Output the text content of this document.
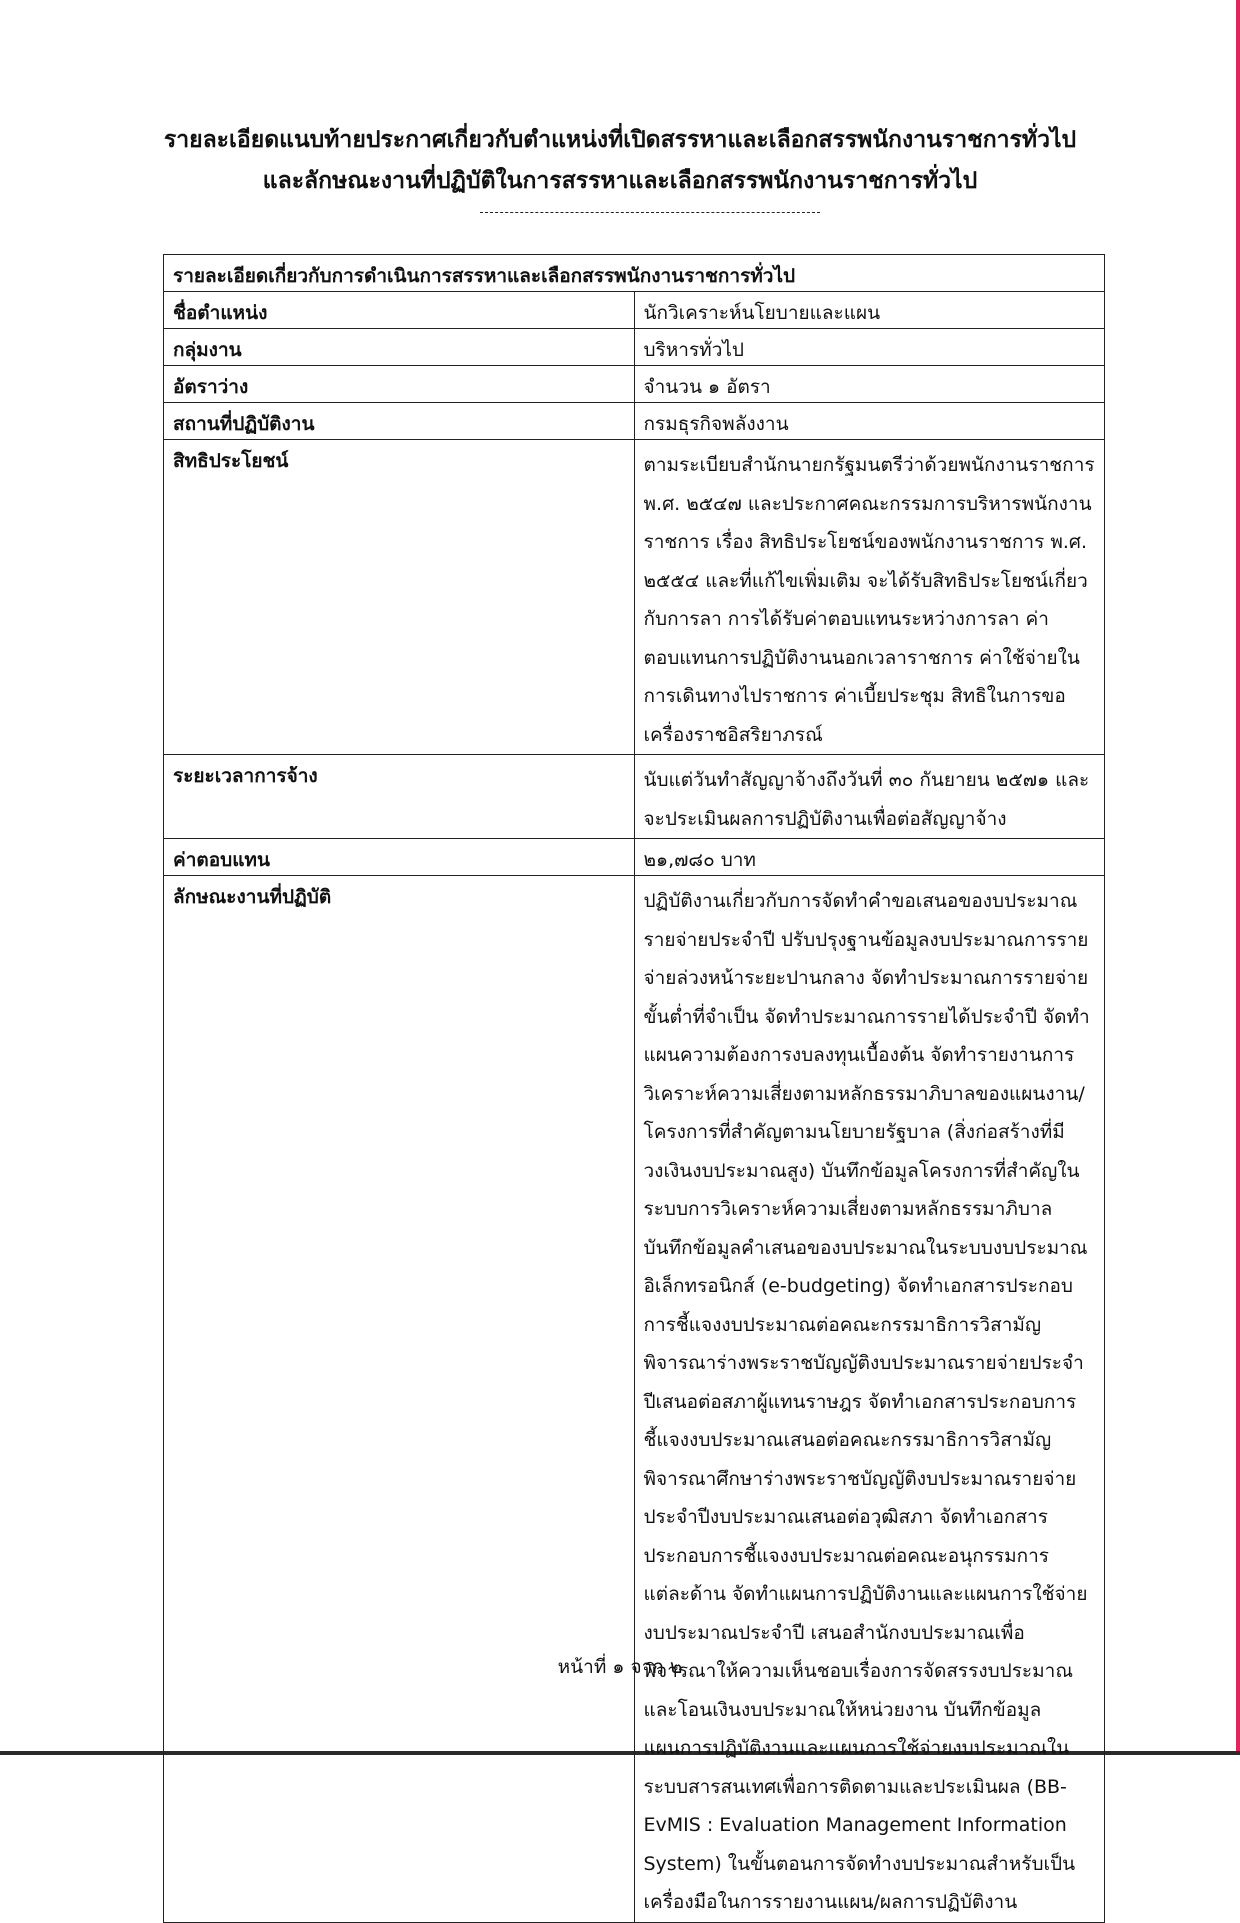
รายละเอียดแนบท้ายประกาศเกี่ยวกับตำแหน่งที่เปิดสรรหาและเลือกสรรพนักงานราชการทั่วไป
และลักษณะงานที่ปฏิบัติในการสรรหาและเลือกสรรพนักงานราชการทั่วไป
รายละเอียดเกี่ยวกับการดำเนินการสรรหาและเลือกสรรพนักงานราชการทั่วไป	
ชื่อตำแหน่ง	นักวิเคราะห์นโยบายและแผน
กลุ่มงาน	บริหารทั่วไป
อัตราว่าง	จำนวน ๑ อัตรา
สถานที่ปฏิบัติงาน	กรมธุรกิจพลังงาน
สิทธิประโยชน์	ตามระเบียบสำนักนายกรัฐมนตรีว่าด้วยพนักงานราชการ พ.ศ. ๒๕๔๗ และประกาศคณะกรรมการบริหารพนักงานราชการ เรื่อง สิทธิประโยชน์ของพนักงานราชการ พ.ศ. ๒๕๕๔ และที่แก้ไขเพิ่มเติม จะได้รับสิทธิประโยชน์เกี่ยวกับการลา การได้รับค่าตอบแทนระหว่างการลา ค่าตอบแทนการปฏิบัติงานนอกเวลาราชการ ค่าใช้จ่ายในการเดินทางไปราชการ ค่าเบี้ยประชุม สิทธิในการขอเครื่องราชอิสริยาภรณ์
ระยะเวลาการจ้าง	นับแต่วันทำสัญญาจ้างถึงวันที่ ๓๐ กันยายน ๒๕๗๑ และจะประเมินผลการปฏิบัติงานเพื่อต่อสัญญาจ้าง
ค่าตอบแทน	๒๑,๗๘๐ บาท
ลักษณะงานที่ปฏิบัติ	ปฏิบัติงานเกี่ยวกับการจัดทำคำขอเสนอของบประมาณรายจ่ายประจำปี ปรับปรุงฐานข้อมูลงบประมาณการรายจ่ายล่วงหน้าระยะปานกลาง จัดทำประมาณการรายจ่ายขั้นต่ำที่จำเป็น จัดทำประมาณการรายได้ประจำปี จัดทำแผนความต้องการงบลงทุนเบื้องต้น จัดทำรายงานการวิเคราะห์ความเสี่ยงตามหลักธรรมาภิบาลของแผนงาน/โครงการที่สำคัญตามนโยบายรัฐบาล (สิ่งก่อสร้างที่มีวงเงินงบประมาณสูง) บันทึกข้อมูลโครงการที่สำคัญในระบบการวิเคราะห์ความเสี่ยงตามหลักธรรมาภิบาล บันทึกข้อมูลคำเสนอของบประมาณในระบบงบประมาณอิเล็กทรอนิกส์ (e-budgeting) จัดทำเอกสารประกอบการชี้แจงงบประมาณต่อคณะกรรมาธิการวิสามัญพิจารณาร่างพระราชบัญญัติงบประมาณรายจ่ายประจำปีเสนอต่อสภาผู้แทนราษฎร จัดทำเอกสารประกอบการชี้แจงงบประมาณเสนอต่อคณะกรรมาธิการวิสามัญพิจารณาศึกษาร่างพระราชบัญญัติงบประมาณรายจ่ายประจำปีงบประมาณเสนอต่อวุฒิสภา จัดทำเอกสารประกอบการชี้แจงงบประมาณต่อคณะอนุกรรมการแต่ละด้าน จัดทำแผนการปฏิบัติงานและแผนการใช้จ่ายงบประมาณประจำปี เสนอสำนักงบประมาณเพื่อพิจารณาให้ความเห็นชอบเรื่องการจัดสรรงบประมาณและโอนเงินงบประมาณให้หน่วยงาน บันทึกข้อมูลแผนการปฏิบัติงานและแผนการใช้จ่ายงบประมาณในระบบสารสนเทศเพื่อการติดตามและประเมินผล (BB-EvMIS : Evaluation Management Information System) ในขั้นตอนการจัดทำงบประมาณสำหรับเป็นเครื่องมือในการรายงานแผน/ผลการปฏิบัติงาน
หน้าที่ ๑ จาก ๒
